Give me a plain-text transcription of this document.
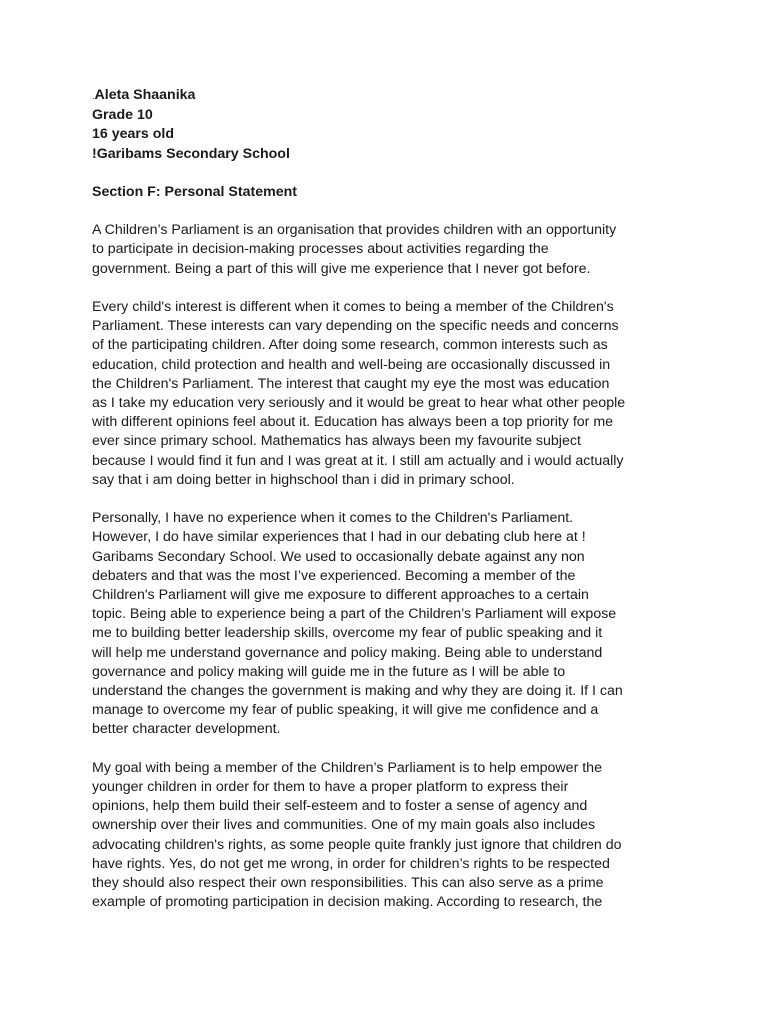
.Aleta Shaanika
Grade 10
16 years old
!Garibams Secondary School
Section F: Personal Statement
A Children’s Parliament is an organisation that provides children with an opportunity
to participate in decision-making processes about activities regarding the
government. Being a part of this will give me experience that I never got before.
Every child's interest is different when it comes to being a member of the Children's
Parliament. These interests can vary depending on the specific needs and concerns
of the participating children. After doing some research, common interests such as
education, child protection and health and well-being are occasionally discussed in
the Children's Parliament. The interest that caught my eye the most was education
as I take my education very seriously and it would be great to hear what other people
with different opinions feel about it. Education has always been a top priority for me
ever since primary school. Mathematics has always been my favourite subject
because I would find it fun and I was great at it. I still am actually and i would actually
say that i am doing better in highschool than i did in primary school.
Personally, I have no experience when it comes to the Children's Parliament.
However, I do have similar experiences that I had in our debating club here at !
Garibams Secondary School. We used to occasionally debate against any non
debaters and that was the most I’ve experienced. Becoming a member of the
Children's Parliament will give me exposure to different approaches to a certain
topic. Being able to experience being a part of the Children’s Parliament will expose
me to building better leadership skills, overcome my fear of public speaking and it
will help me understand governance and policy making. Being able to understand
governance and policy making will guide me in the future as I will be able to
understand the changes the government is making and why they are doing it. If I can
manage to overcome my fear of public speaking, it will give me confidence and a
better character development.
My goal with being a member of the Children’s Parliament is to help empower the
younger children in order for them to have a proper platform to express their
opinions, help them build their self-esteem and to foster a sense of agency and
ownership over their lives and communities. One of my main goals also includes
advocating children's rights, as some people quite frankly just ignore that children do
have rights. Yes, do not get me wrong, in order for children’s rights to be respected
they should also respect their own responsibilities. This can also serve as a prime
example of promoting participation in decision making. According to research, the
